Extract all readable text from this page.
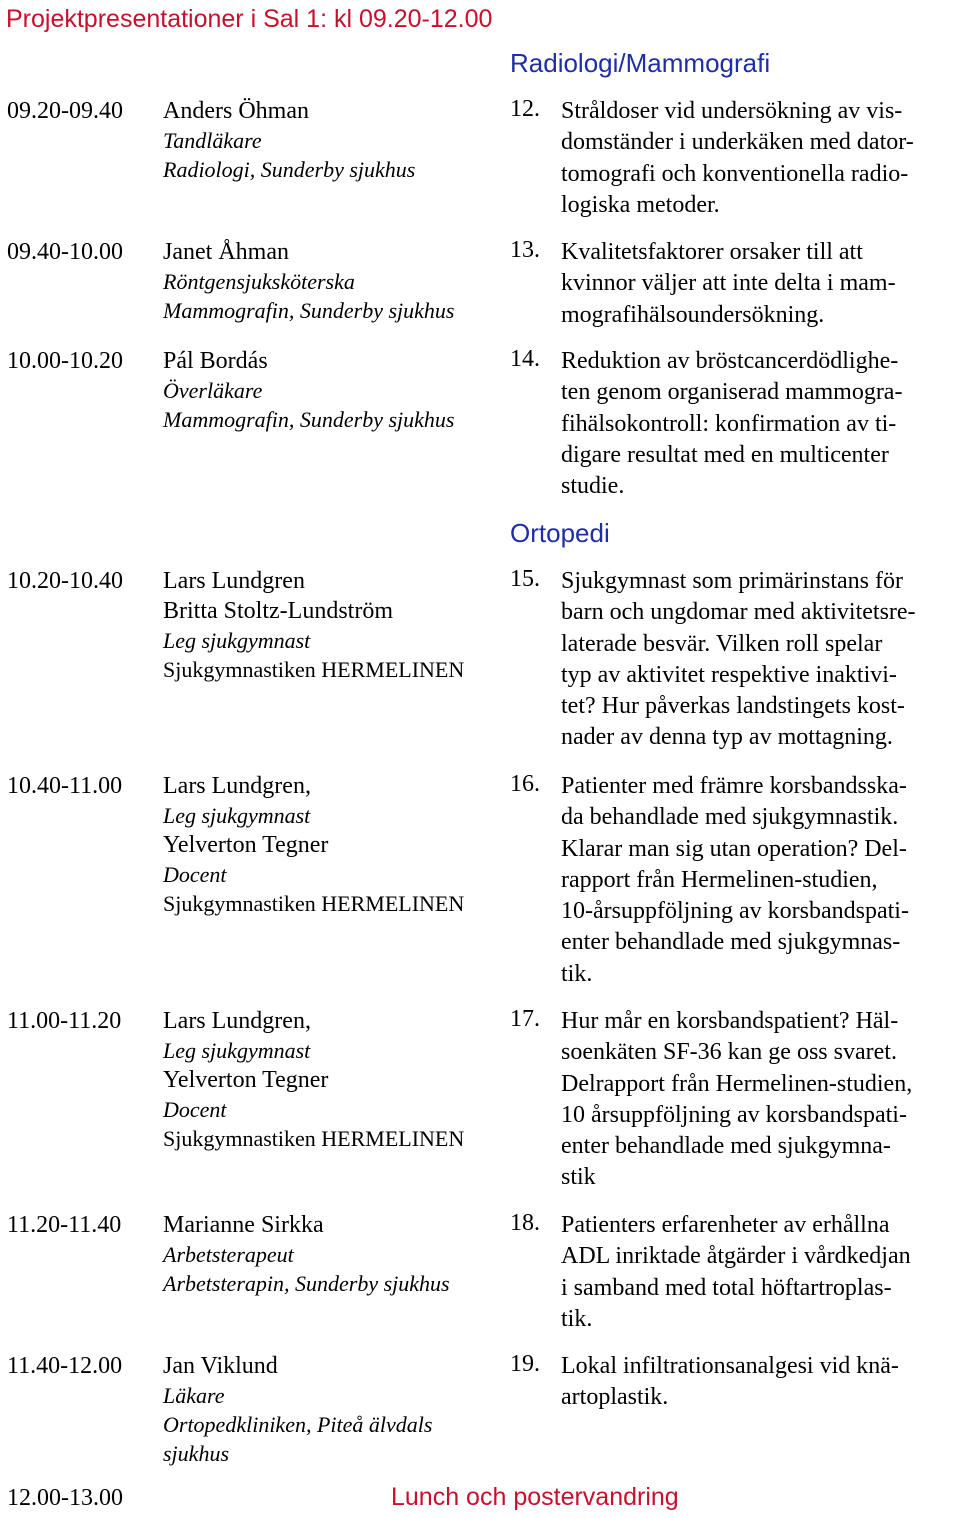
Projektpresentationer i Sal 1: kl 09.20-12.00
09.20-09.40 Anders Öhman
Tandläkare
Radiologi, Sunderby sjukhus
09.40-10.00 Janet Åhman
Röntgensjuksköterska
Mammografin, Sunderby sjukhus
10.00-10.20 Pál Bordás
Överläkare
Mammografin, Sunderby sjukhus
10.20-10.40 Lars Lundgren
Britta Stoltz-Lundström
Leg sjukgymnast
Sjukgymnastiken HERMELINEN
10.40-11.00 Lars Lundgren,
Leg sjukgymnast
Yelverton Tegner
Docent
Sjukgymnastiken HERMELINEN
11.00-11.20 Lars Lundgren,
Leg sjukgymnast
Yelverton Tegner
Docent
Sjukgymnastiken HERMELINEN
11.20-11.40 Marianne Sirkka
Arbetsterapeut
Arbetsterapin, Sunderby sjukhus
11.40-12.00 Jan Viklund
Läkare
Ortopedkliniken, Piteå älvdals
sjukhus
Radiologi/Mammografi
12. Stråldoser vid undersökning av vis-
domständer i underkäken med dator-
tomografi och konventionella radio-
logiska metoder.
13. Kvalitetsfaktorer orsaker till att
kvinnor väljer att inte delta i mam-
mografihälsoundersökning.
14. Reduktion av bröstcancerdödlighe-
ten genom organiserad mammogra-
fihälsokontroll: konfirmation av ti-
digare resultat med en multicenter
studie.
Ortopedi
15. Sjukgymnast som primärinstans för
barn och ungdomar med aktivitetsre-
laterade besvär. Vilken roll spelar
typ av aktivitet respektive inaktivi-
tet? Hur påverkas landstingets kost-
nader av denna typ av mottagning.
16. Patienter med främre korsbandsska-
da behandlade med sjukgymnastik.
Klarar man sig utan operation? Del-
rapport från Hermelinen-studien,
10-årsuppföljning av korsbandspati-
enter behandlade med sjukgymnas-
tik.
17. Hur mår en korsbandspatient? Häl-
soenkäten SF-36 kan ge oss svaret.
Delrapport från Hermelinen-studien,
10 årsuppföljning av korsbandspati-
enter behandlade med sjukgymna-
stik
18. Patienters erfarenheter av erhållna
ADL inriktade åtgärder i vårdkedjan
i samband med total höftartroplas-
tik.
19. Lokal infiltrationsanalgesi vid knä-
artoplastik.
12.00-13.00	Lunch och postervandring
